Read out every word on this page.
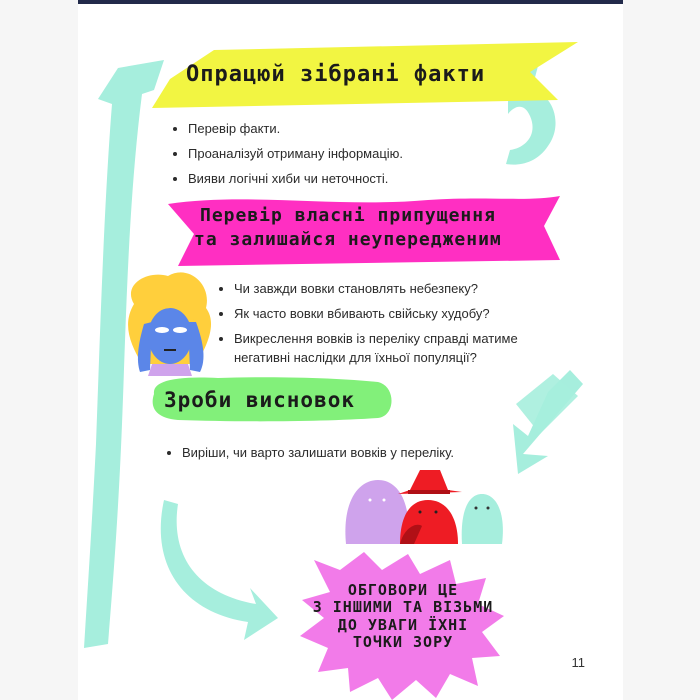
Опрацюй зібрані факти
• Перевір факти.
• Проаналізуй отриману інформацію.
• Вияви логічні хиби чи неточності.
Перевір власні припущення
та залишайся неупередженим
• Чи завжди вовки становлять небезпеку?
• Як часто вовки вбивають свійську худобу?
• Викреслення вовків із переліку справді матиме негативні наслідки для їхньої популяції?
Зроби висновок
• Виріши, чи варто залишати вовків у переліку.
ОБГОВОРИ ЦЕ
З ІНШИМИ ТА ВІЗЬМИ
ДО УВАГИ ЇХНІ
ТОЧКИ ЗОРУ
11
